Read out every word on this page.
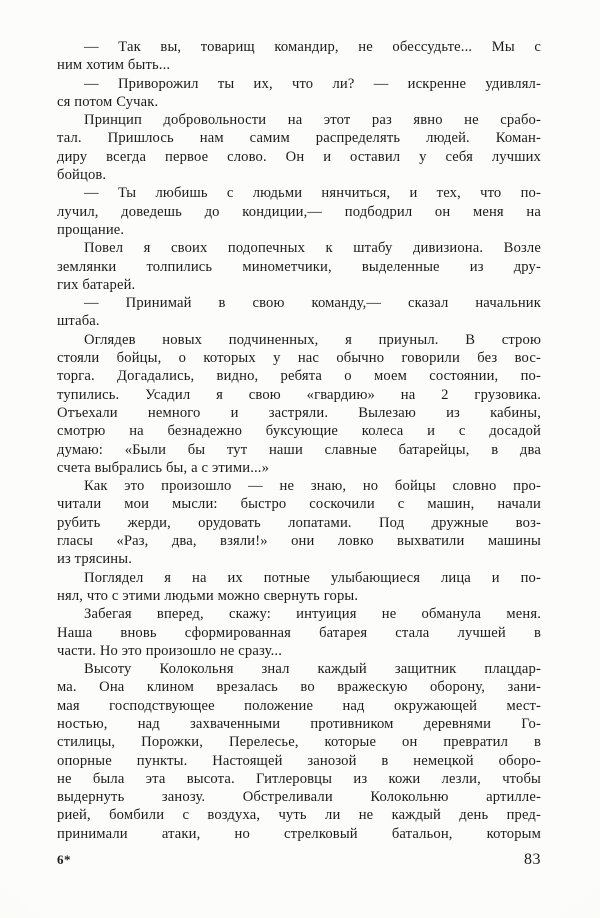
— Так вы, товарищ командир, не обессудьте... Мы с
ним хотим быть...
— Приворожил ты их, что ли? — искренне удивлял-
ся потом Сучак.
Принцип добровольности на этот раз явно не срабо-
тал. Пришлось нам самим распределять людей. Коман-
диру всегда первое слово. Он и оставил у себя лучших
бойцов.
— Ты любишь с людьми нянчиться, и тех, что по-
лучил, доведешь до кондиции,— подбодрил он меня на
прощание.
Повел я своих подопечных к штабу дивизиона. Возле
землянки толпились минометчики, выделенные из дру-
гих батарей.
— Принимай в свою команду,— сказал начальник
штаба.
Оглядев новых подчиненных, я приуныл. В строю
стояли бойцы, о которых у нас обычно говорили без вос-
торга. Догадались, видно, ребята о моем состоянии, по-
тупились. Усадил я свою «гвардию» на 2 грузовика.
Отъехали немного и застряли. Вылезаю из кабины,
смотрю на безнадежно буксующие колеса и с досадой
думаю: «Были бы тут наши славные батарейцы, в два
счета выбрались бы, а с этими...»
Как это произошло — не знаю, но бойцы словно про-
читали мои мысли: быстро соскочили с машин, начали
рубить жерди, орудовать лопатами. Под дружные воз-
гласы «Раз, два, взяли!» они ловко выхватили машины
из трясины.
Поглядел я на их потные улыбающиеся лица и по-
нял, что с этими людьми можно свернуть горы.
Забегая вперед, скажу: интуиция не обманула меня.
Наша вновь сформированная батарея стала лучшей в
части. Но это произошло не сразу...
Высоту Колокольня знал каждый защитник плацдар-
ма. Она клином врезалась во вражескую оборону, зани-
мая господствующее положение над окружающей мест-
ностью, над захваченными противником деревнями Го-
стилицы, Порожки, Перелесье, которые он превратил в
опорные пункты. Настоящей занозой в немецкой оборо-
не была эта высота. Гитлеровцы из кожи лезли, чтобы
выдернуть занозу. Обстреливали Колокольню артилле-
рией, бомбили с воздуха, чуть ли не каждый день пред-
принимали атаки, но стрелковый батальон, которым
6*	83
